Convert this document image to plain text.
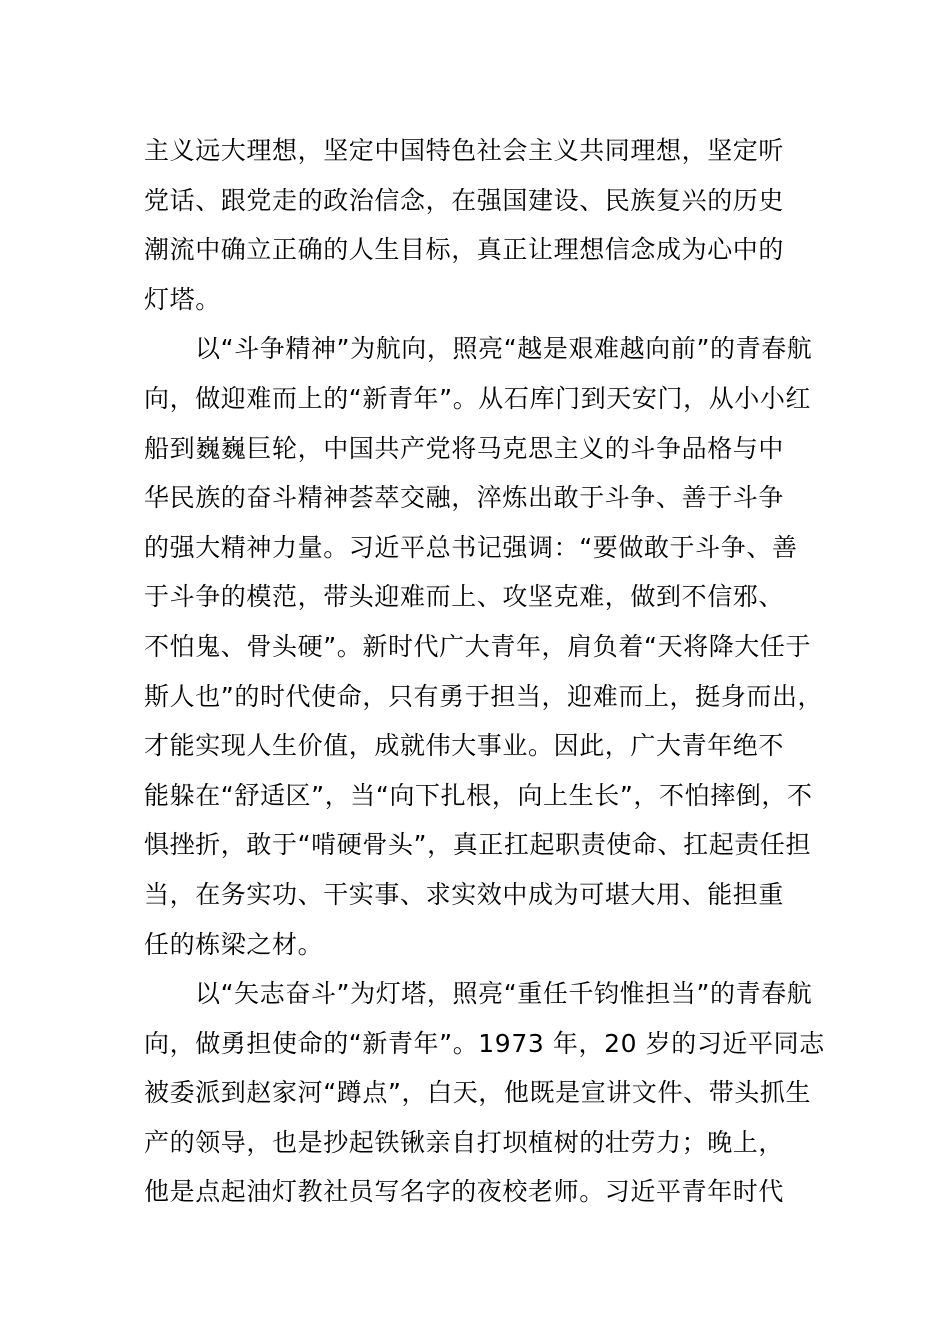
主义远大理想，坚定中国特色社会主义共同理想，坚定听
党话、跟党走的政治信念，在强国建设、民族复兴的历史
潮流中确立正确的人生目标，真正让理想信念成为心中的
灯塔。
以“斗争精神”为航向，照亮“越是艰难越向前”的青春航
向，做迎难而上的“新青年”。从石库门到天安门，从小小红
船到巍巍巨轮，中国共产党将马克思主义的斗争品格与中
华民族的奋斗精神荟萃交融，淬炼出敢于斗争、善于斗争
的强大精神力量。习近平总书记强调：“要做敢于斗争、善
于斗争的模范，带头迎难而上、攻坚克难，做到不信邪、
不怕鬼、骨头硬”。新时代广大青年，肩负着“天将降大任于
斯人也”的时代使命，只有勇于担当，迎难而上，挺身而出，
才能实现人生价值，成就伟大事业。因此，广大青年绝不
能躲在“舒适区”，当“向下扎根，向上生长”，不怕摔倒，不
惧挫折，敢于“啃硬骨头”，真正扛起职责使命、扛起责任担
当，在务实功、干实事、求实效中成为可堪大用、能担重
任的栋梁之材。
以“矢志奋斗”为灯塔，照亮“重任千钧惟担当”的青春航
向，做勇担使命的“新青年”。1973 年，20 岁的习近平同志
被委派到赵家河“蹲点”，白天，他既是宣讲文件、带头抓生
产的领导，也是抄起铁锹亲自打坝植树的壮劳力；晚上，
他是点起油灯教社员写名字的夜校老师。习近平青年时代
